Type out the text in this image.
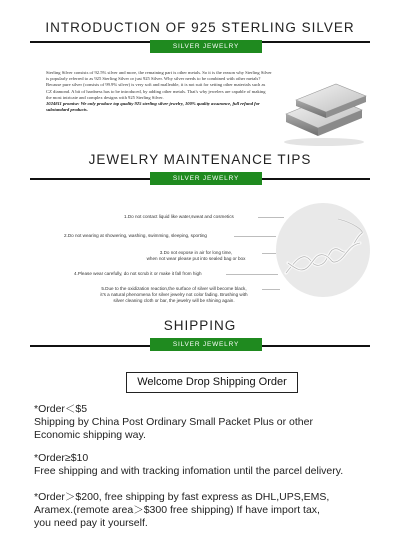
INTRODUCTION OF 925 STERLING SILVER
SILVER JEWELRY
Sterling Silver consists of 92.5% silver and more, the remaining part is other metals. So it is the reason why Sterling Silver is popularly referred to as 925 Sterling Silver or just 925 Silver. Why silver needs to be combined with other metals? Because pure silver (consists of 99.9% silver) is very soft and malleable, it is not suit for setting other materials such as CZ diamond. A bit of hardness has to be introduced, by adding other metals. That's why jewelers are capable of making the most intricate and complex designs with 925 Sterling Silver.
1024811 promise: We only produce top quality 925 sterling silver jewelry, 100% quality assurance, full refund for substandard products.
JEWELRY MAINTENANCE TIPS
SILVER JEWELRY
1.Do not contact liquid like water,sweat and cosmetics
2.Do not wearing at showering, washing, swimming, sleeping, sporting
3.Do not expose in air for long time,
when not wear please put into sealed bag or box
4.Please wear carefully, do not scrub it or make it fall from high
5.Due to the oxidization reaction,the surface of silver will become black,
it's a natural phenomena for silver jewelry not color fading. Brushing with
silver cleaning cloth or bar, the jewelry will be shining again.
SHIPPING
SILVER JEWELRY
Welcome Drop Shipping Order
*Order＜$5
Shipping by China Post Ordinary Small Packet Plus or other
Economic shipping way.
*Order≥$10
Free shipping and with tracking infomation until the parcel delivery.
*Order＞$200, free shipping by fast express as DHL,UPS,EMS,
Aramex.(remote area＞$300 free shipping) If have import tax,
you need pay it yourself.
